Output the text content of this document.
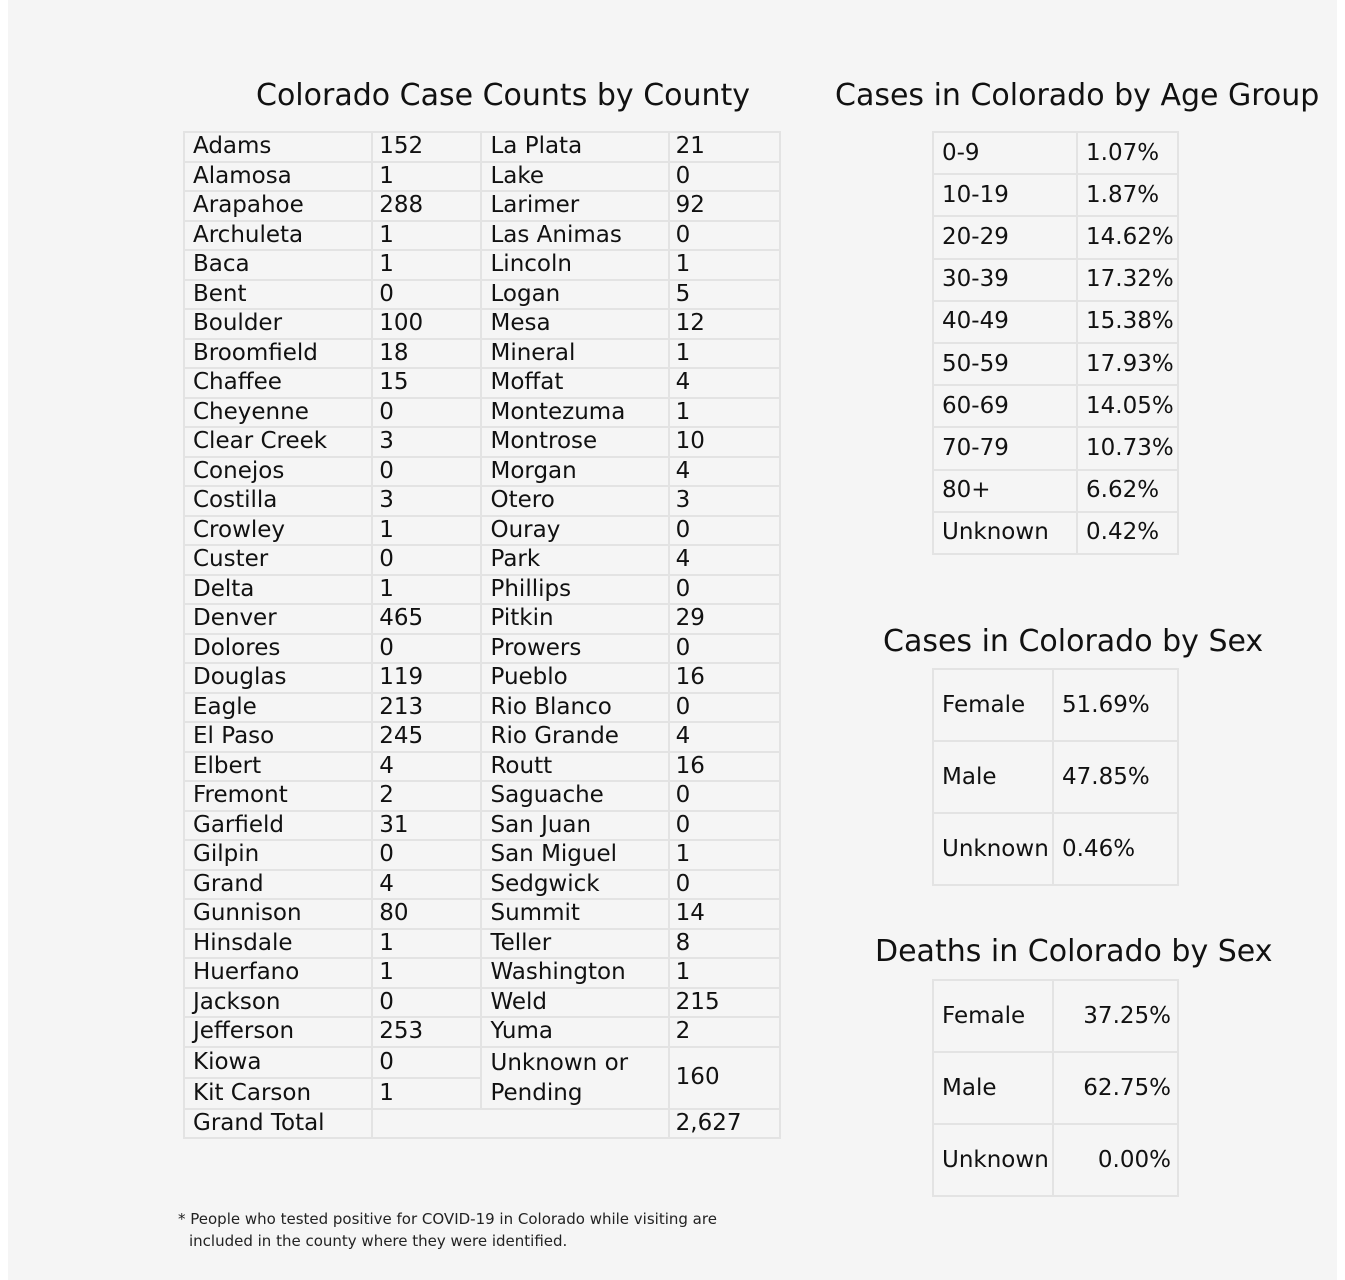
Colorado Case Counts by County
Adams	152	La Plata	21
Alamosa	1	Lake	0
Arapahoe	288	Larimer	92
Archuleta	1	Las Animas	0
Baca	1	Lincoln	1
Bent	0	Logan	5
Boulder	100	Mesa	12
Broomfield	18	Mineral	1
Chaffee	15	Moffat	4
Cheyenne	0	Montezuma	1
Clear Creek	3	Montrose	10
Conejos	0	Morgan	4
Costilla	3	Otero	3
Crowley	1	Ouray	0
Custer	0	Park	4
Delta	1	Phillips	0
Denver	465	Pitkin	29
Dolores	0	Prowers	0
Douglas	119	Pueblo	16
Eagle	213	Rio Blanco	0
El Paso	245	Rio Grande	4
Elbert	4	Routt	16
Fremont	2	Saguache	0
Garfield	31	San Juan	0
Gilpin	0	San Miguel	1
Grand	4	Sedgwick	0
Gunnison	80	Summit	14
Hinsdale	1	Teller	8
Huerfano	1	Washington	1
Jackson	0	Weld	215
Jefferson	253	Yuma	2
Kiowa	0	Unknown or Pending	160
Kit Carson	1		
Grand Total			2,627
* People who tested positive for COVID-19 in Colorado while visiting are
included in the county where they were identified.
Cases in Colorado by Age Group
0-9	1.07%
10-19	1.87%
20-29	14.62%
30-39	17.32%
40-49	15.38%
50-59	17.93%
60-69	14.05%
70-79	10.73%
80+	6.62%
Unknown	0.42%
Cases in Colorado by Sex
Female	51.69%
Male	47.85%
Unknown	0.46%
Deaths in Colorado by Sex
Female	37.25%
Male	62.75%
Unknown	0.00%
